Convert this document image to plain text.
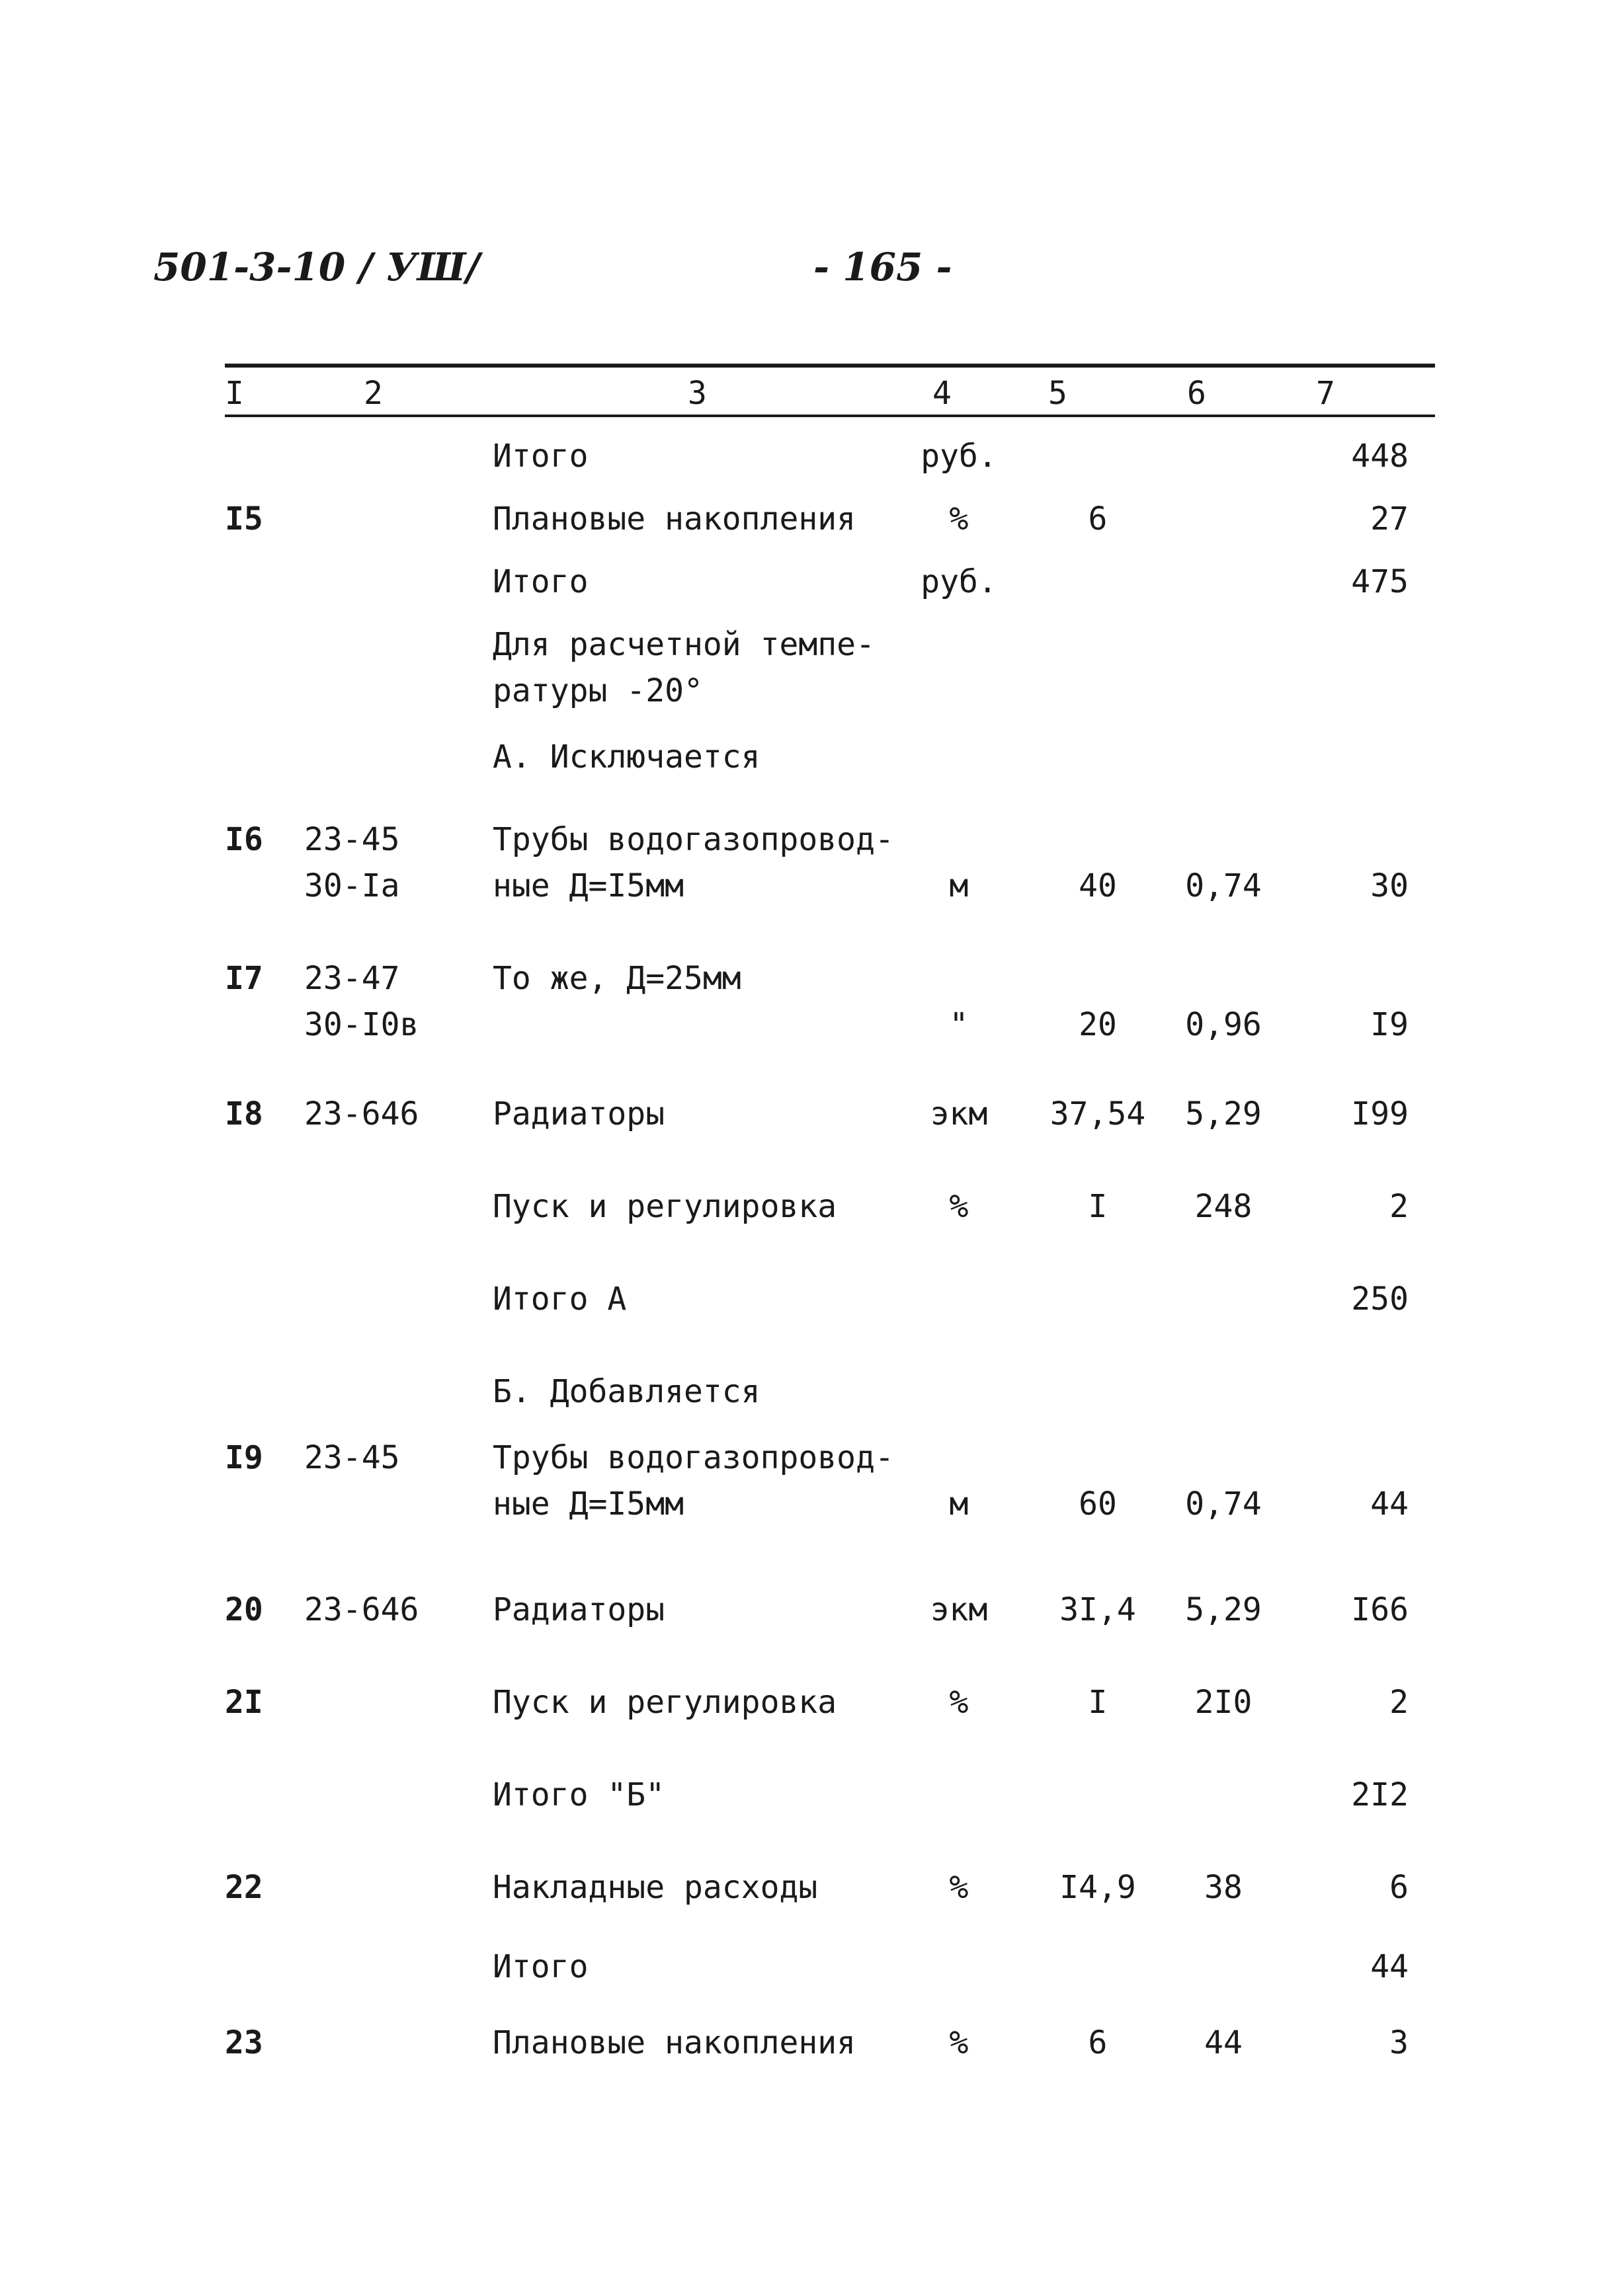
501-3-10 / УШ/	- 165 -
I	2	3	4	5	6	7
Итого	руб.	448
I5	Плановые накопления	%	6	27
Итого	руб.	475
Для расчетной темпе-
ратуры -20°
А. Исключается
I6	23-45
30-Iа
Трубы водогазопровод-
ные Д=I5мм	м	40	0,74	30
I7	23-47
30-I0в
То же, Д=25мм
"	20	0,96	I9
I8	23-646	Радиаторы	экм	37,54	5,29	I99
Пуск и регулировка	%	I	248	2
Итого А	250
Б. Добавляется
I9	23-45	Трубы водогазопровод-
ные Д=I5мм	м	60	0,74	44
20	23-646	Радиаторы	экм	3I,4	5,29	I66
2I	Пуск и регулировка	%	I	2I0	2
Итого "Б"	2I2
22	Накладные расходы	%	I4,9	38	6
Итого	44
23	Плановые накопления	%	6	44	3
